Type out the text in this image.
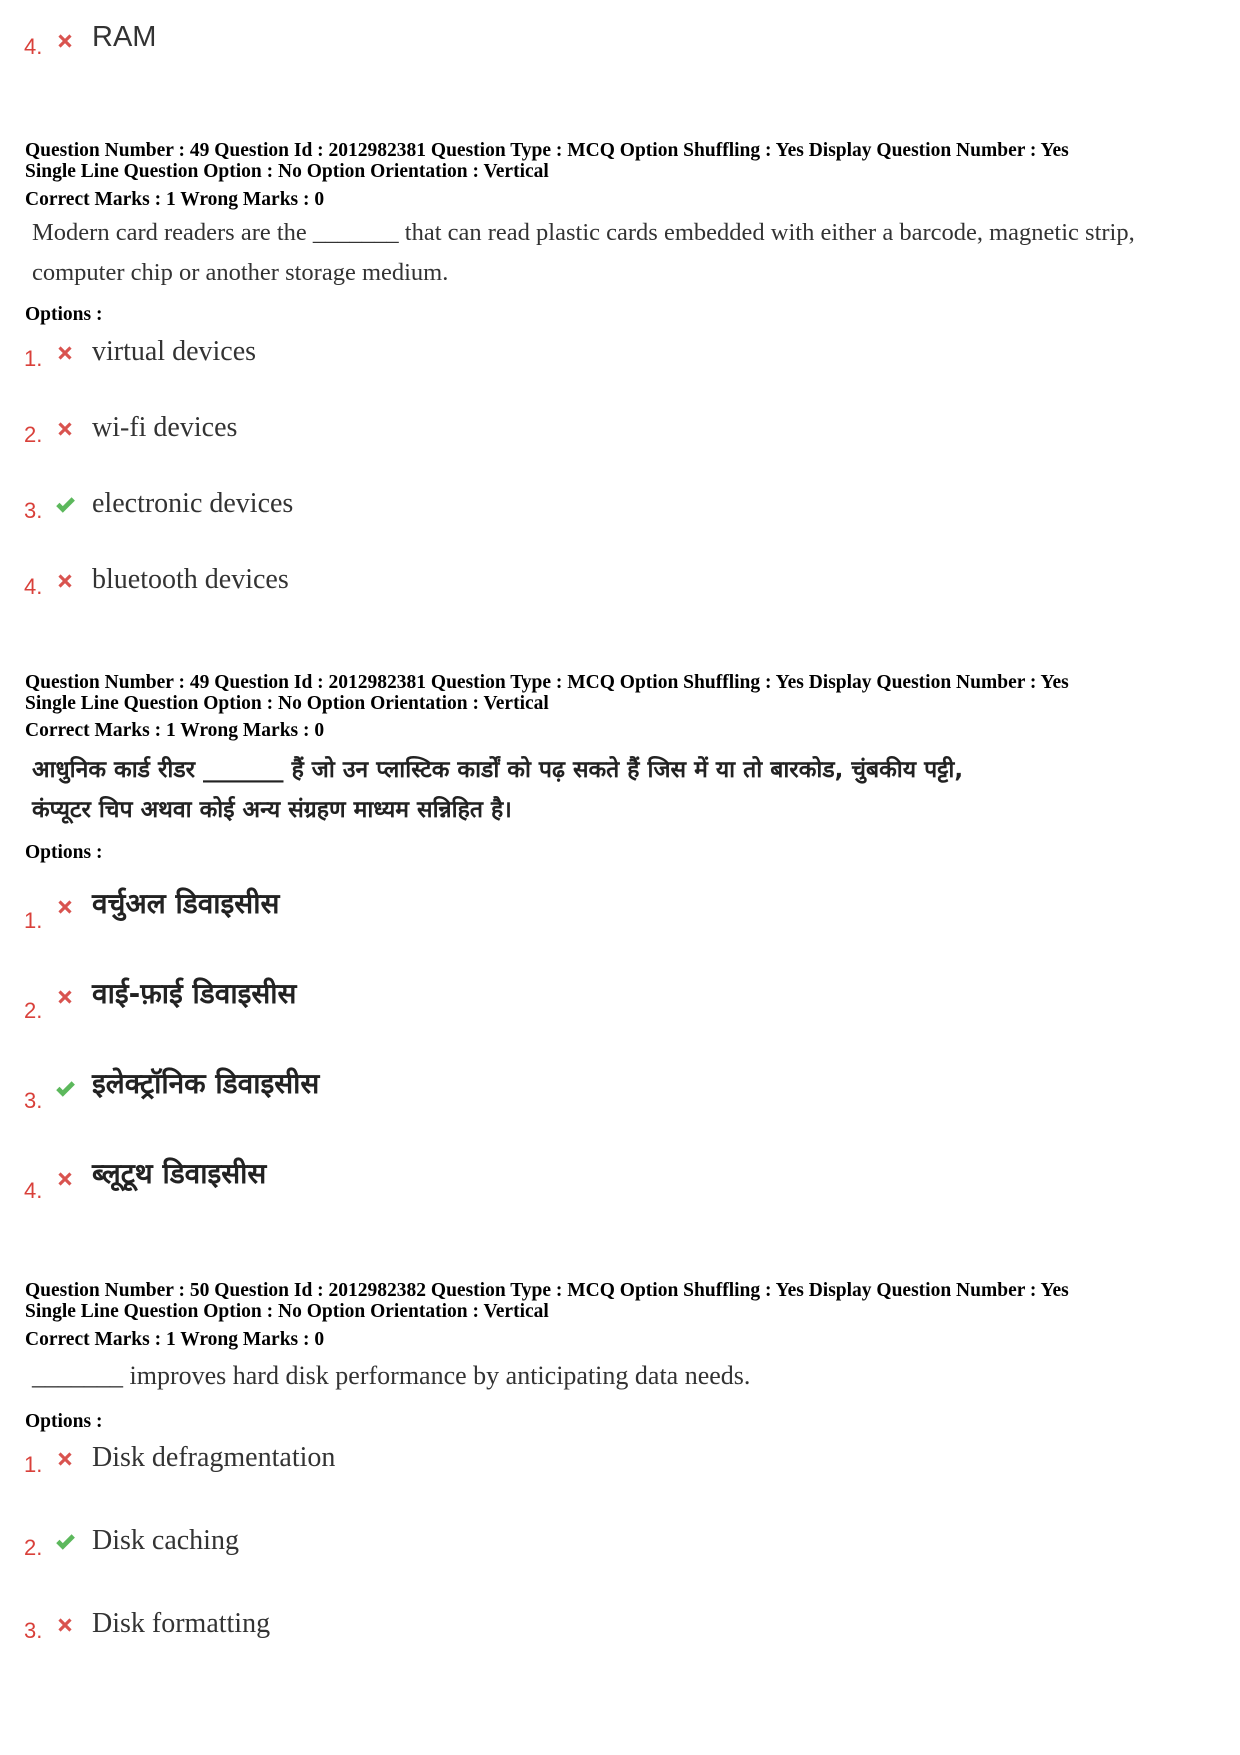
4. RAM
Question Number : 49 Question Id : 2012982381 Question Type : MCQ Option Shuffling : Yes Display Question Number : Yes
Single Line Question Option : No Option Orientation : Vertical
Correct Marks : 1 Wrong Marks : 0
Modern card readers are the _______ that can read plastic cards embedded with either a barcode, magnetic strip,
computer chip or another storage medium.
Options :
1. virtual devices
2. wi-fi devices
3. electronic devices
4. bluetooth devices
Question Number : 49 Question Id : 2012982381 Question Type : MCQ Option Shuffling : Yes Display Question Number : Yes
Single Line Question Option : No Option Orientation : Vertical
Correct Marks : 1 Wrong Marks : 0
आधुनिक कार्ड रीडर _______ हैं जो उन प्लास्टिक कार्डों को पढ़ सकते हैं जिस में या तो बारकोड, चुंबकीय पट्टी,
कंप्यूटर चिप अथवा कोई अन्य संग्रहण माध्यम सन्निहित है।
Options :
1.
वर्चुअल डिवाइसीस
2.
वाई-फ़ाई डिवाइसीस
3.
इलेक्ट्रॉनिक डिवाइसीस
4.
ब्लूटूथ डिवाइसीस
Question Number : 50 Question Id : 2012982382 Question Type : MCQ Option Shuffling : Yes Display Question Number : Yes
Single Line Question Option : No Option Orientation : Vertical
Correct Marks : 1 Wrong Marks : 0
_______ improves hard disk performance by anticipating data needs.
Options :
1. Disk defragmentation
2. Disk caching
3. Disk formatting
